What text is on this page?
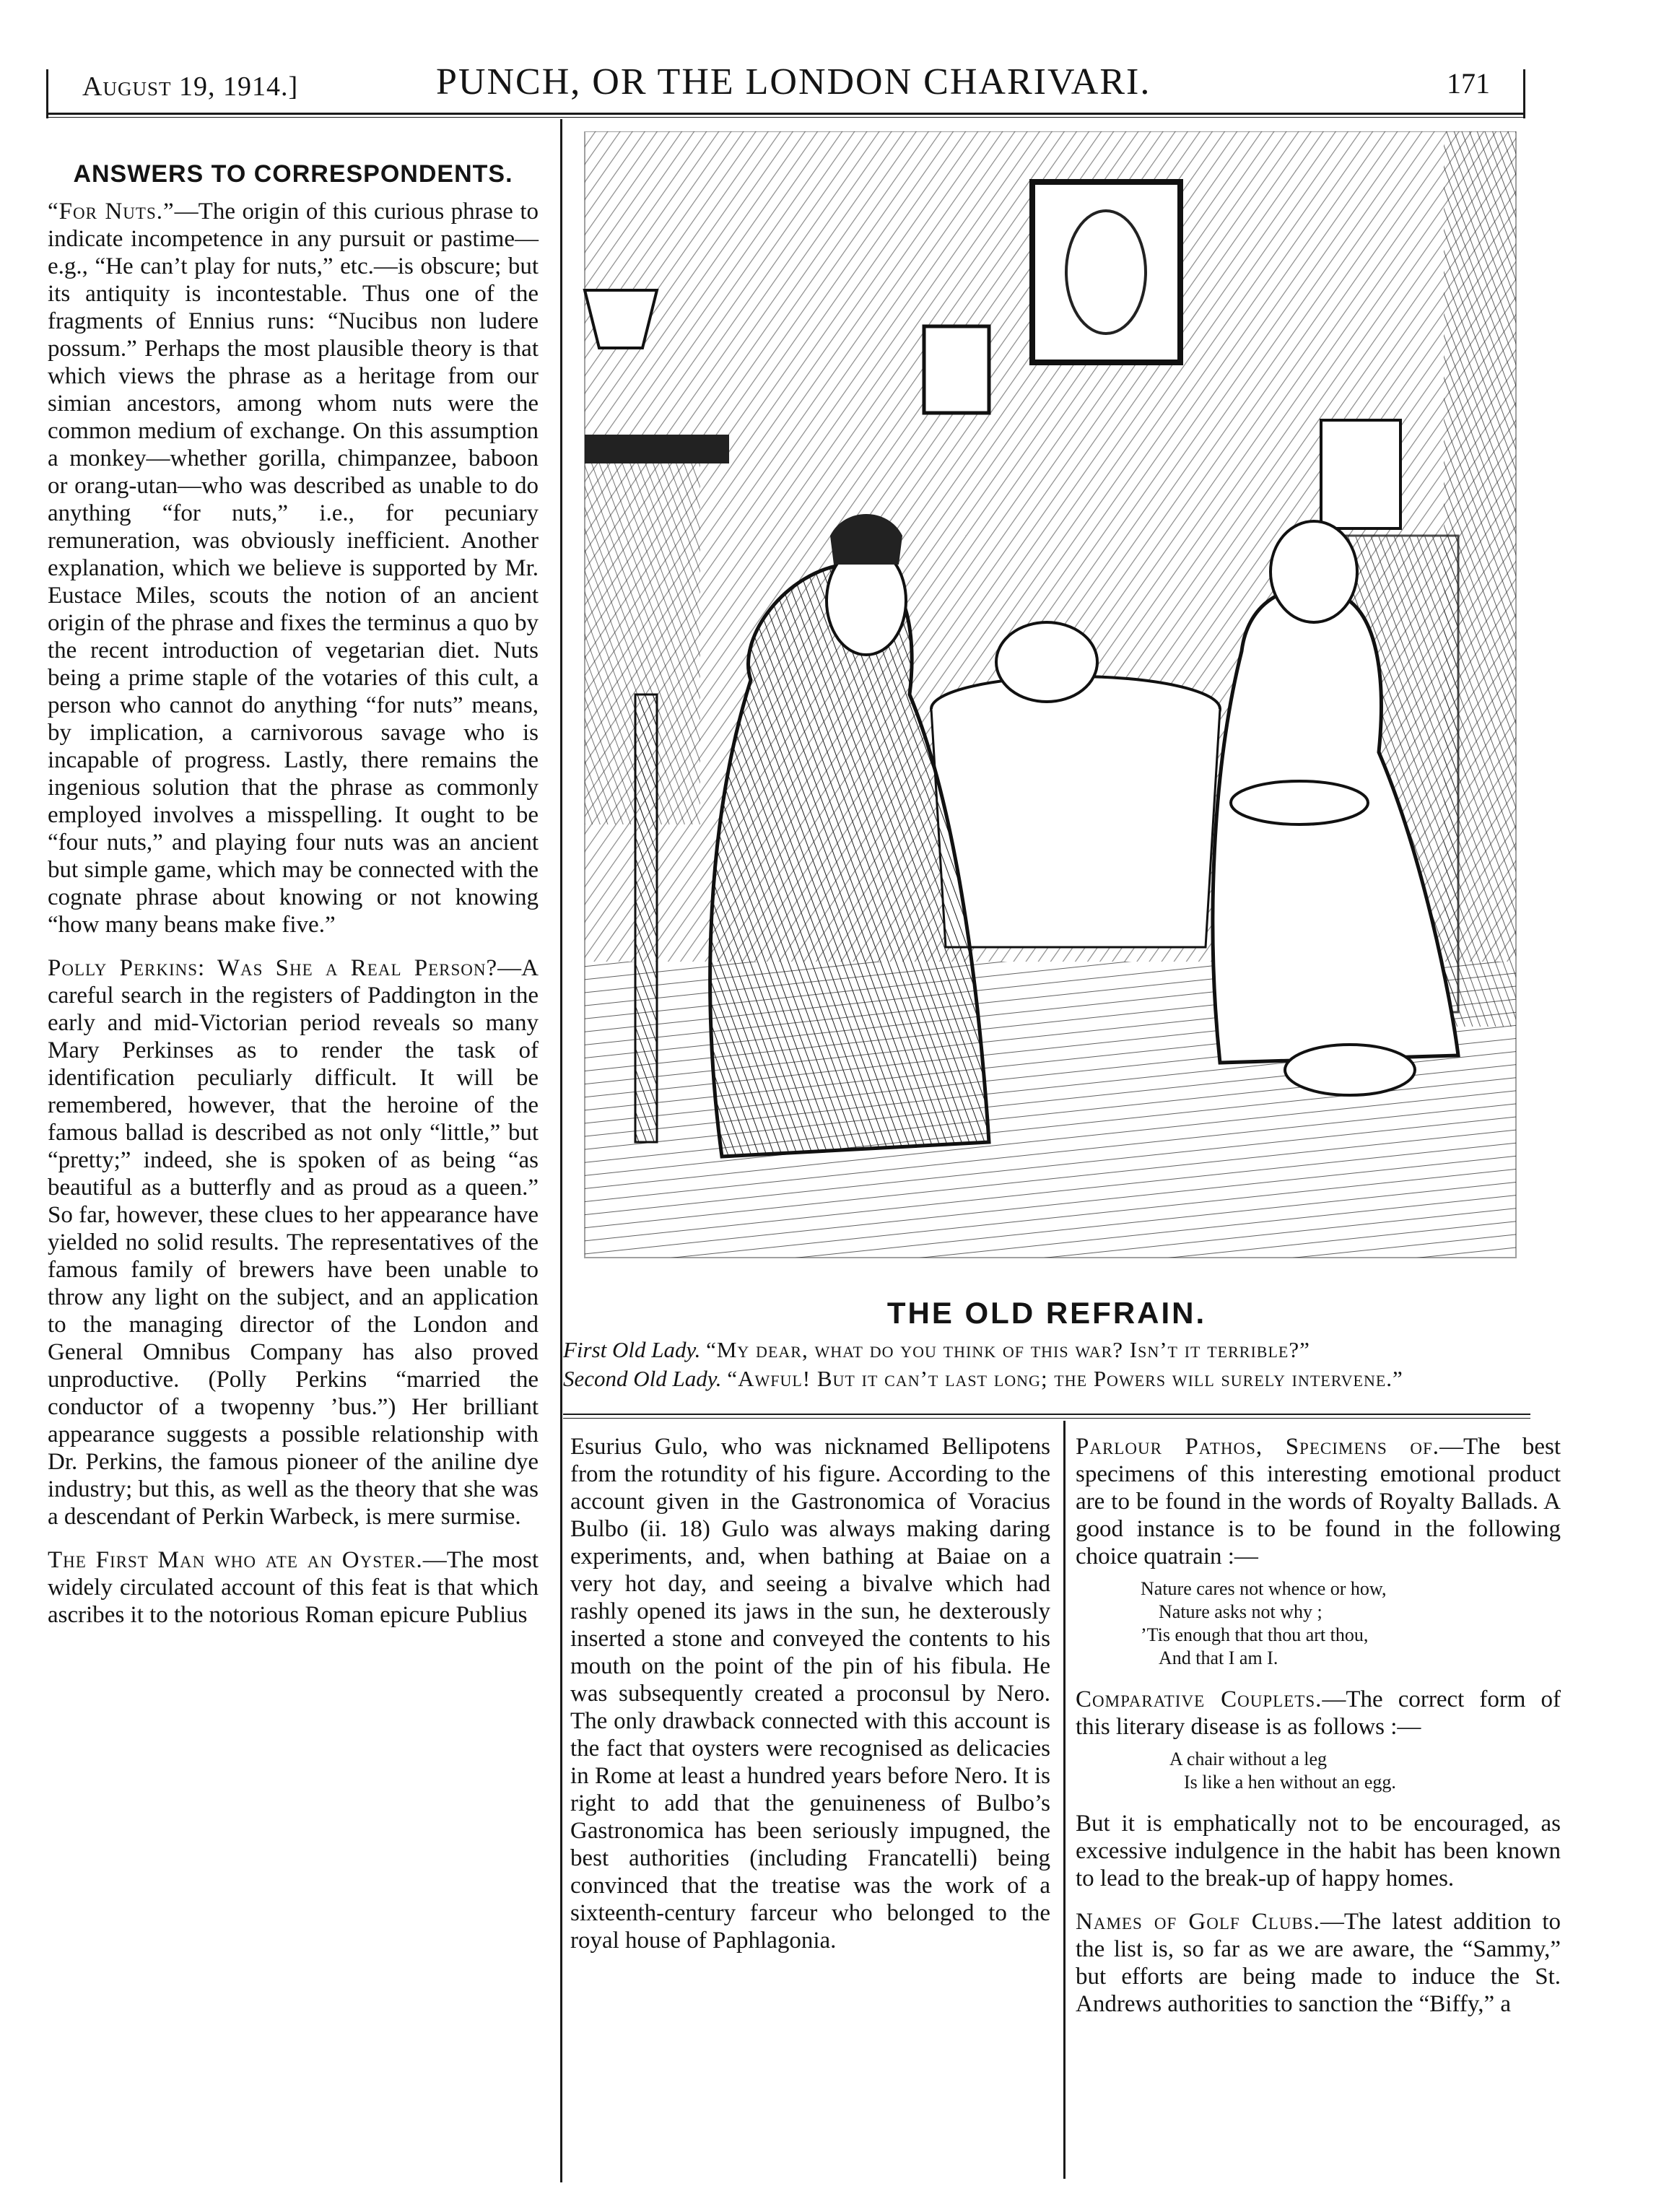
August 19, 1914.]	PUNCH, OR THE LONDON CHARIVARI.	171
ANSWERS TO CORRESPONDENTS.

“For Nuts.”—The origin of this curious phrase to indicate incompetence in any pursuit or pastime—e.g., “He can’t play for nuts,” etc.—is obscure; but its antiquity is incontestable. Thus one of the fragments of Ennius runs: “Nucibus non ludere possum.” Perhaps the most plausible theory is that which views the phrase as a heritage from our simian ancestors, among whom nuts were the common medium of exchange. On this assumption a monkey—whether gorilla, chimpanzee, baboon or orang-utan—who was described as unable to do anything “for nuts,” i.e., for pecuniary remuneration, was obviously inefficient. Another explanation, which we believe is supported by Mr. Eustace Miles, scouts the notion of an ancient origin of the phrase and fixes the terminus a quo by the recent introduction of vegetarian diet. Nuts being a prime staple of the votaries of this cult, a person who cannot do anything “for nuts” means, by implication, a carnivorous savage who is incapable of progress. Lastly, there remains the ingenious solution that the phrase as commonly employed involves a misspelling. It ought to be “four nuts,” and playing four nuts was an ancient but simple game, which may be connected with the cognate phrase about knowing or not knowing “how many beans make five.”

Polly Perkins: Was She a Real Person?—A careful search in the registers of Paddington in the early and mid-Victorian period reveals so many Mary Perkinses as to render the task of identification peculiarly difficult. It will be remembered, however, that the heroine of the famous ballad is described as not only “little,” but “pretty;” indeed, she is spoken of as being “as beautiful as a butterfly and as proud as a queen.” So far, however, these clues to her appearance have yielded no solid results. The representatives of the famous family of brewers have been unable to throw any light on the subject, and an application to the managing director of the London and General Omnibus Company has also proved unproductive. (Polly Perkins “married the conductor of a twopenny ’bus.”) Her brilliant appearance suggests a possible relationship with Dr. Perkins, the famous pioneer of the aniline dye industry; but this, as well as the theory that she was a descendant of Perkin Warbeck, is mere surmise.

The First Man who ate an Oyster.—The most widely circulated account of this feat is that which ascribes it to the notorious Roman epicure Publius

THE OLD REFRAIN.
First Old Lady. “My dear, what do you think of this war? Isn’t it terrible?”
Second Old Lady. “Awful! But it can’t last long; the Powers will surely intervene.”

Esurius Gulo, who was nicknamed Bellipotens from the rotundity of his figure. According to the account given in the Gastronomica of Voracius Bulbo (ii. 18) Gulo was always making daring experiments, and, when bathing at Baiae on a very hot day, and seeing a bivalve which had rashly opened its jaws in the sun, he dexterously inserted a stone and conveyed the contents to his mouth on the point of the pin of his fibula. He was subsequently created a proconsul by Nero. The only drawback connected with this account is the fact that oysters were recognised as delicacies in Rome at least a hundred years before Nero. It is right to add that the genuineness of Bulbo’s Gastronomica has been seriously impugned, the best authorities (including Francatelli) being convinced that the treatise was the work of a sixteenth-century farceur who belonged to the royal house of Paphlagonia.

Parlour Pathos, Specimens of.—The best specimens of this interesting emotional product are to be found in the words of Royalty Ballads. A good instance is to be found in the following choice quatrain :—

Nature cares not whence or how,
Nature asks not why ;
’Tis enough that thou art thou,
And that I am I.

Comparative Couplets.—The correct form of this literary disease is as follows :—

A chair without a leg
Is like a hen without an egg.

But it is emphatically not to be encouraged, as excessive indulgence in the habit has been known to lead to the break-up of happy homes.

Names of Golf Clubs.—The latest addition to the list is, so far as we are aware, the “Sammy,” but efforts are being made to induce the St. Andrews authorities to sanction the “Biffy,” a
